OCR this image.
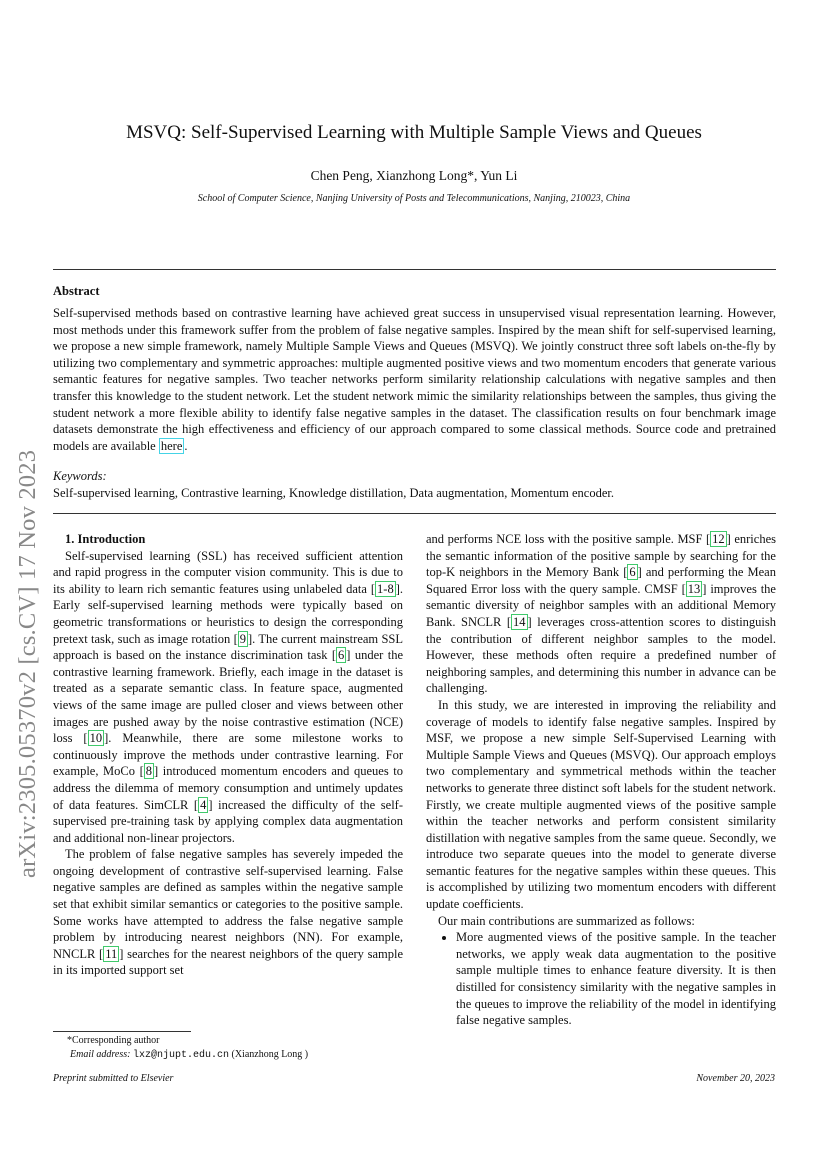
arXiv:2305.05370v2 [cs.CV] 17 Nov 2023
MSVQ: Self-Supervised Learning with Multiple Sample Views and Queues
Chen Peng, Xianzhong Long*, Yun Li
School of Computer Science, Nanjing University of Posts and Telecommunications, Nanjing, 210023, China
Abstract
Self-supervised methods based on contrastive learning have achieved great success in unsupervised visual representation learning. However, most methods under this framework suffer from the problem of false negative samples. Inspired by the mean shift for self-supervised learning, we propose a new simple framework, namely Multiple Sample Views and Queues (MSVQ). We jointly construct three soft labels on-the-fly by utilizing two complementary and symmetric approaches: multiple augmented positive views and two momentum encoders that generate various semantic features for negative samples. Two teacher networks perform similarity relationship calculations with negative samples and then transfer this knowledge to the student network. Let the student network mimic the similarity relationships between the samples, thus giving the student network a more flexible ability to identify false negative samples in the dataset. The classification results on four benchmark image datasets demonstrate the high effectiveness and efficiency of our approach compared to some classical methods. Source code and pretrained models are available here .
Keywords:
Self-supervised learning, Contrastive learning, Knowledge distillation, Data augmentation, Momentum encoder.

1. Introduction

Self-supervised learning (SSL) has received sufficient attention and rapid progress in the computer vision community. This is due to its ability to learn rich semantic features using unlabeled data [ 1-8 ]. Early self-supervised learning methods were typically based on geometric transformations or heuristics to design the corresponding pretext task, such as image rotation [ 9 ]. The current mainstream SSL approach is based on the instance discrimination task [ 6 ] under the contrastive learning framework. Briefly, each image in the dataset is treated as a separate semantic class. In feature space, augmented views of the same image are pulled closer and views between other images are pushed away by the noise contrastive estimation (NCE) loss [ 10 ]. Meanwhile, there are some milestone works to continuously improve the methods under contrastive learning. For example, MoCo [ 8 ] introduced momentum encoders and queues to address the dilemma of memory consumption and untimely updates of data features. SimCLR [ 4 ] increased the difficulty of the self-supervised pre-training task by applying complex data augmentation and additional non-linear projectors.

The problem of false negative samples has severely impeded the ongoing development of contrastive self-supervised learning. False negative samples are defined as samples within the negative sample set that exhibit similar semantics or categories to the positive sample. Some works have attempted to address the false negative sample problem by introducing nearest neighbors (NN). For example, NNCLR [ 11 ] searches for the nearest neighbors of the query sample in its imported support set

and performs NCE loss with the positive sample. MSF [ 12 ] enriches the semantic information of the positive sample by searching for the top-K neighbors in the Memory Bank [ 6 ] and performing the Mean Squared Error loss with the query sample. CMSF [ 13 ] improves the semantic diversity of neighbor samples with an additional Memory Bank. SNCLR [ 14 ] leverages cross-attention scores to distinguish the contribution of different neighbor samples to the model. However, these methods often require a predefined number of neighboring samples, and determining this number in advance can be challenging.

In this study, we are interested in improving the reliability and coverage of models to identify false negative samples. Inspired by MSF, we propose a new simple Self-Supervised Learning with Multiple Sample Views and Queues (MSVQ). Our approach employs two complementary and symmetrical methods within the teacher networks to generate three distinct soft labels for the student network. Firstly, we create multiple augmented views of the positive sample within the teacher networks and perform consistent similarity distillation with negative samples from the same queue. Secondly, we introduce two separate queues into the model to generate diverse semantic features for the negative samples within these queues. This is accomplished by utilizing two momentum encoders with different update coefficients.

Our main contributions are summarized as follows:

• More augmented views of the positive sample. In the teacher networks, we apply weak data augmentation to the positive sample multiple times to enhance feature diversity. It is then distilled for consistency similarity with the negative samples in the queues to improve the reliability of the model in identifying false negative samples.
*Corresponding author
Email address: lxz@njupt.edu.cn (Xianzhong Long )
Preprint submitted to Elsevier	November 20, 2023
